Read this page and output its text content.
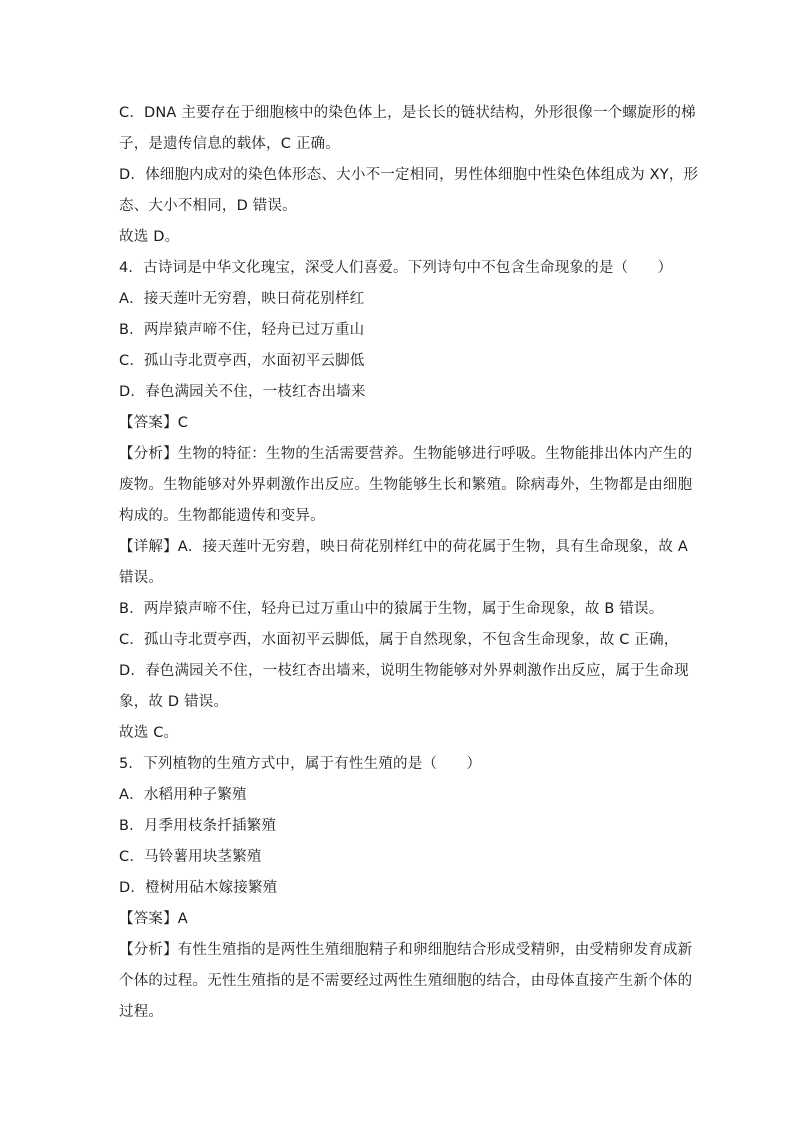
C．DNA 主要存在于细胞核中的染色体上，是长长的链状结构，外形很像一个螺旋形的梯
子，是遗传信息的载体，C 正确。
D．体细胞内成对的染色体形态、大小不一定相同，男性体细胞中性染色体组成为 XY，形
态、大小不相同，D 错误。
故选 D。
4．古诗词是中华文化瑰宝，深受人们喜爱。下列诗句中不包含生命现象的是（　　）
A．接天莲叶无穷碧，映日荷花别样红
B．两岸猿声啼不住，轻舟已过万重山
C．孤山寺北贾亭西，水面初平云脚低
D．春色满园关不住，一枝红杏出墙来
【答案】C
【分析】生物的特征：生物的生活需要营养。生物能够进行呼吸。生物能排出体内产生的
废物。生物能够对外界刺激作出反应。生物能够生长和繁殖。除病毒外，生物都是由细胞
构成的。生物都能遗传和变异。
【详解】A．接天莲叶无穷碧，映日荷花别样红中的荷花属于生物，具有生命现象，故 A
错误。
B．两岸猿声啼不住，轻舟已过万重山中的猿属于生物，属于生命现象，故 B 错误。
C．孤山寺北贾亭西，水面初平云脚低，属于自然现象，不包含生命现象，故 C 正确，
D．春色满园关不住，一枝红杏出墙来，说明生物能够对外界刺激作出反应，属于生命现
象，故 D 错误。
故选 C。
5．下列植物的生殖方式中，属于有性生殖的是（　　）
A．水稻用种子繁殖
B．月季用枝条扦插繁殖
C．马铃薯用块茎繁殖
D．橙树用砧木嫁接繁殖
【答案】A
【分析】有性生殖指的是两性生殖细胞精子和卵细胞结合形成受精卵，由受精卵发育成新
个体的过程。无性生殖指的是不需要经过两性生殖细胞的结合，由母体直接产生新个体的
过程。
